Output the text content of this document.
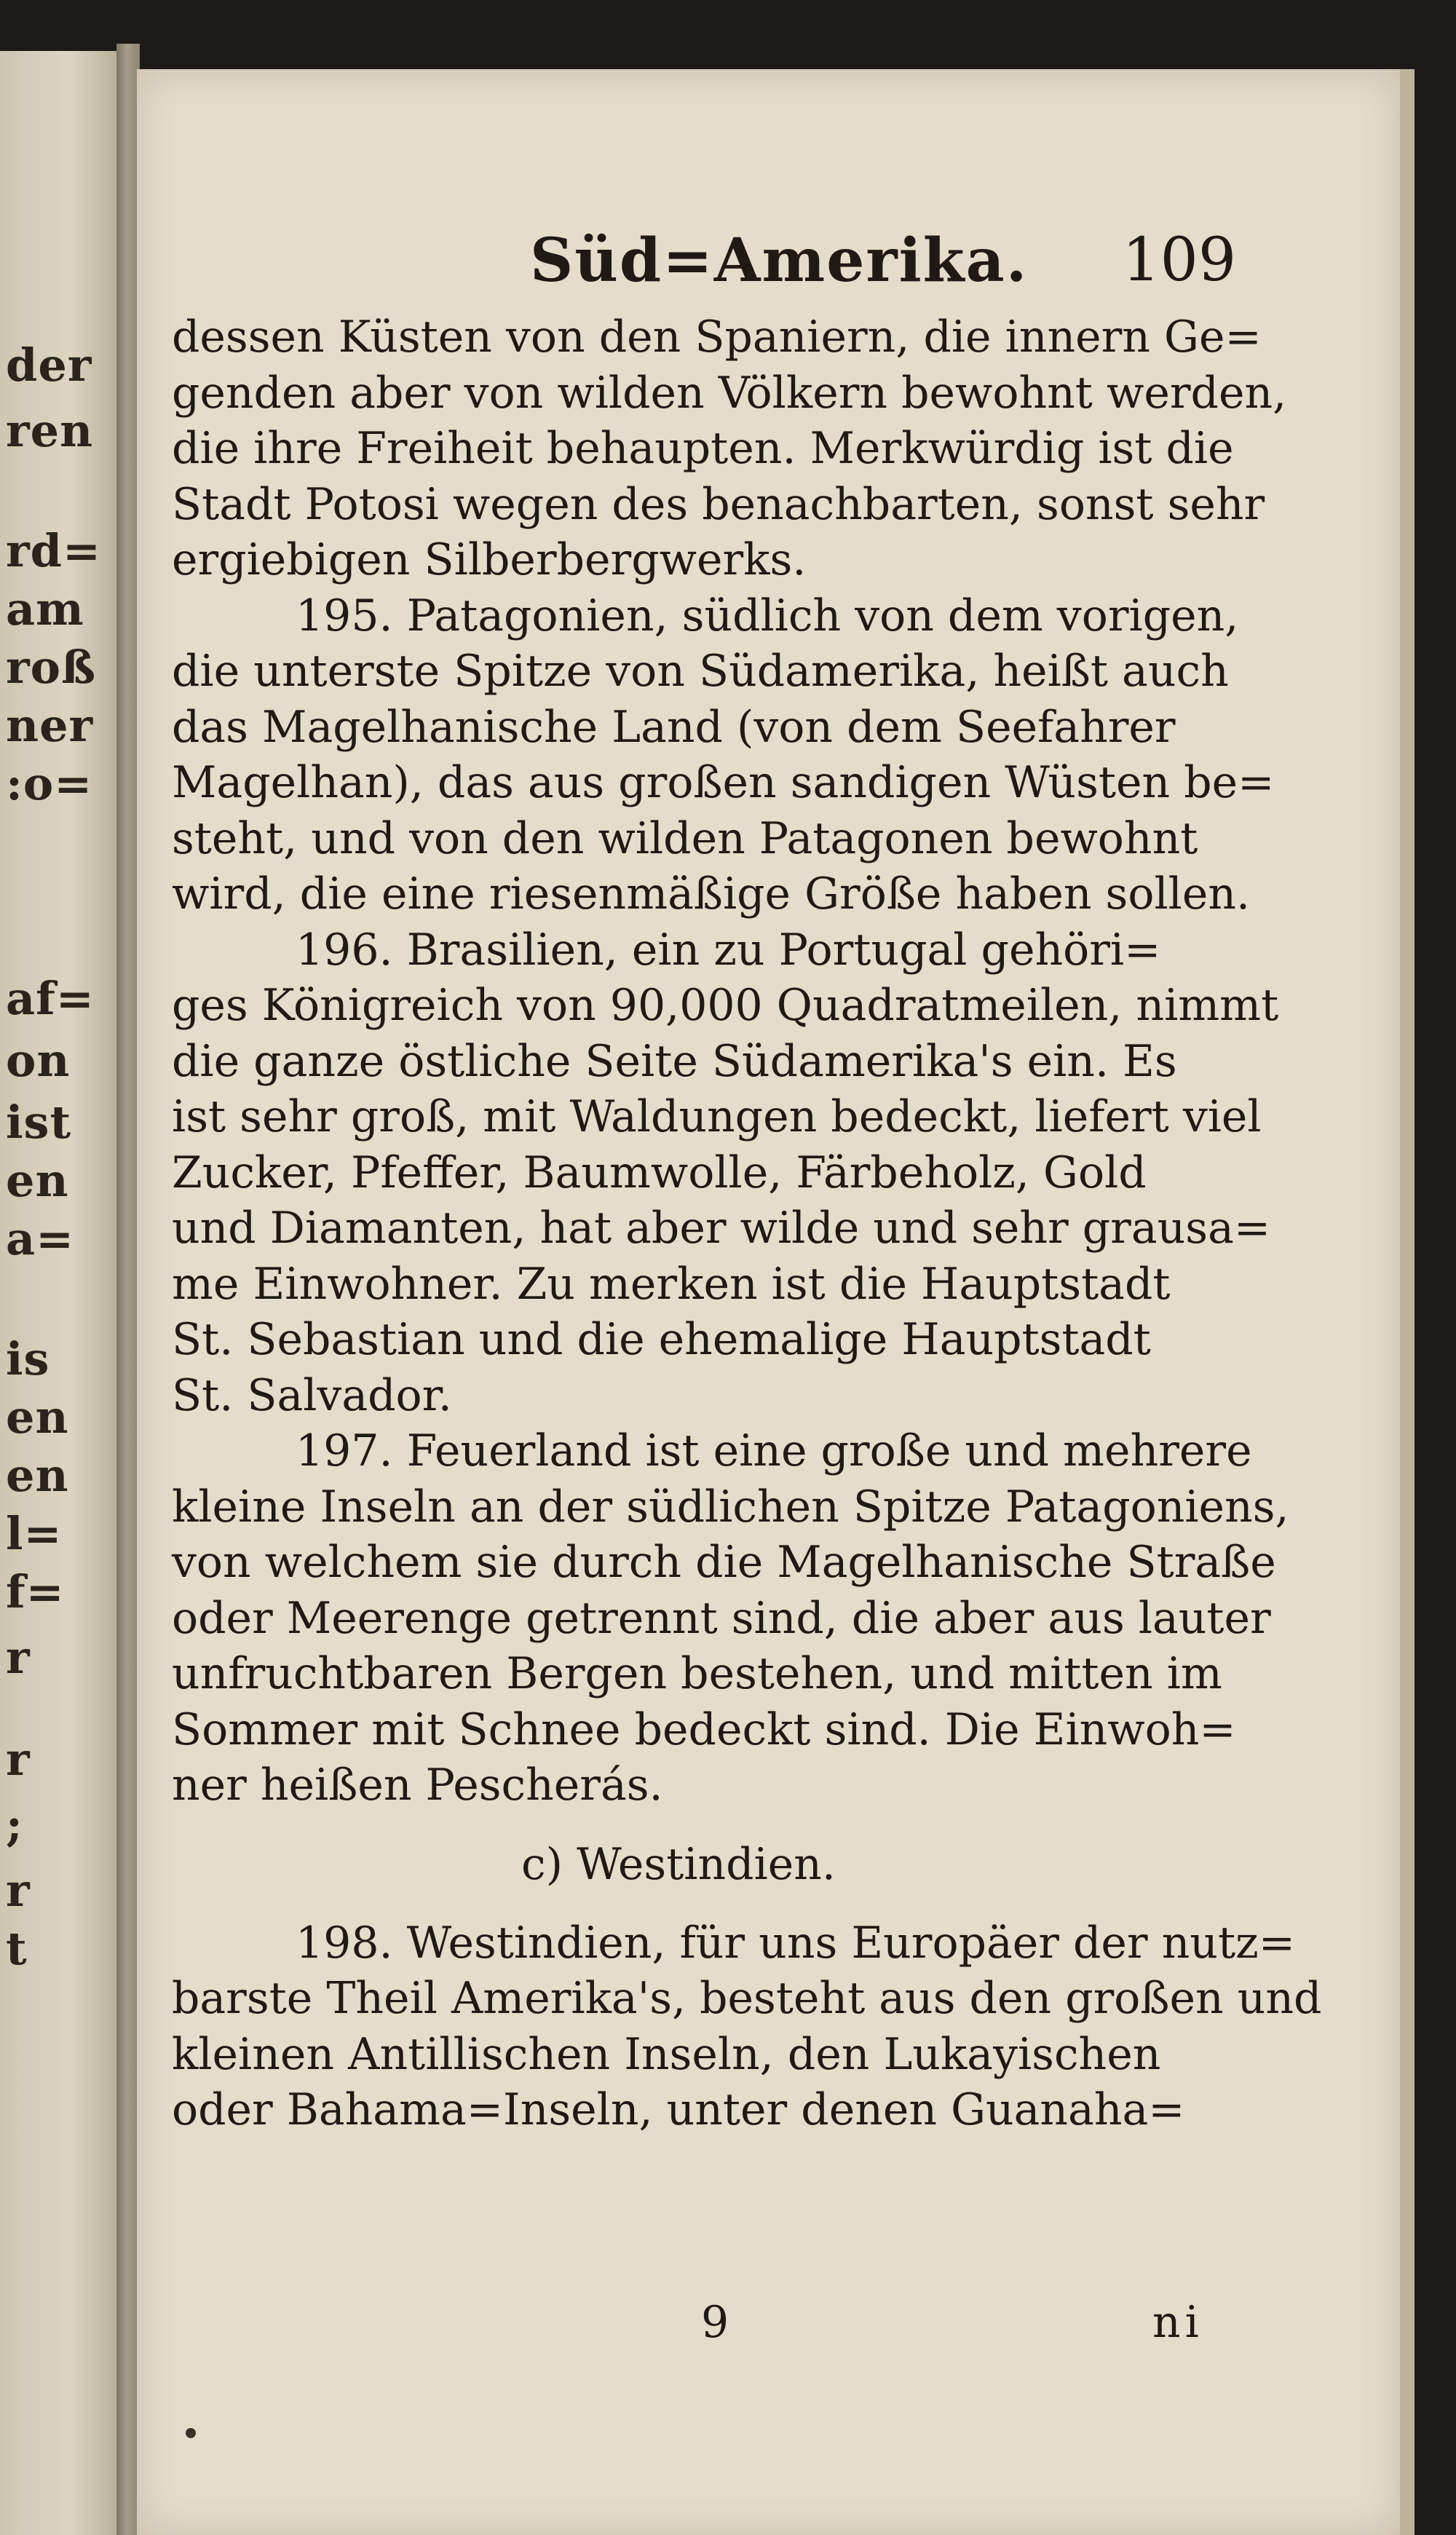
der
ren
rd=
am
roß
ner
:o=
af=
on
ist
en
a=
is
en
en
l=
f=
r
r
;
r
t
Süd=Amerika. 109
dessen Küsten von den Spaniern, die innern Ge=
genden aber von wilden Völkern bewohnt werden,
die ihre Freiheit behaupten. Merkwürdig ist die
Stadt Potosi wegen des benachbarten, sonst sehr
ergiebigen Silberbergwerks.
195. Patagonien, südlich von dem vorigen,
die unterste Spitze von Südamerika, heißt auch
das Magelhanische Land (von dem Seefahrer
Magelhan), das aus großen sandigen Wüsten be=
steht, und von den wilden Patagonen bewohnt
wird, die eine riesenmäßige Größe haben sollen.
196. Brasilien, ein zu Portugal gehöri=
ges Königreich von 90,000 Quadratmeilen, nimmt
die ganze östliche Seite Südamerika's ein. Es
ist sehr groß, mit Waldungen bedeckt, liefert viel
Zucker, Pfeffer, Baumwolle, Färbeholz, Gold
und Diamanten, hat aber wilde und sehr grausa=
me Einwohner. Zu merken ist die Hauptstadt
St. Sebastian und die ehemalige Hauptstadt
St. Salvador.
197. Feuerland ist eine große und mehrere
kleine Inseln an der südlichen Spitze Patagoniens,
von welchem sie durch die Magelhanische Straße
oder Meerenge getrennt sind, die aber aus lauter
unfruchtbaren Bergen bestehen, und mitten im
Sommer mit Schnee bedeckt sind. Die Einwoh=
ner heißen Pescherás.
c) Westindien.
198. Westindien, für uns Europäer der nutz=
barste Theil Amerika's, besteht aus den großen und
kleinen Antillischen Inseln, den Lukayischen
oder Bahama=Inseln, unter denen Guanaha=
9	ni
